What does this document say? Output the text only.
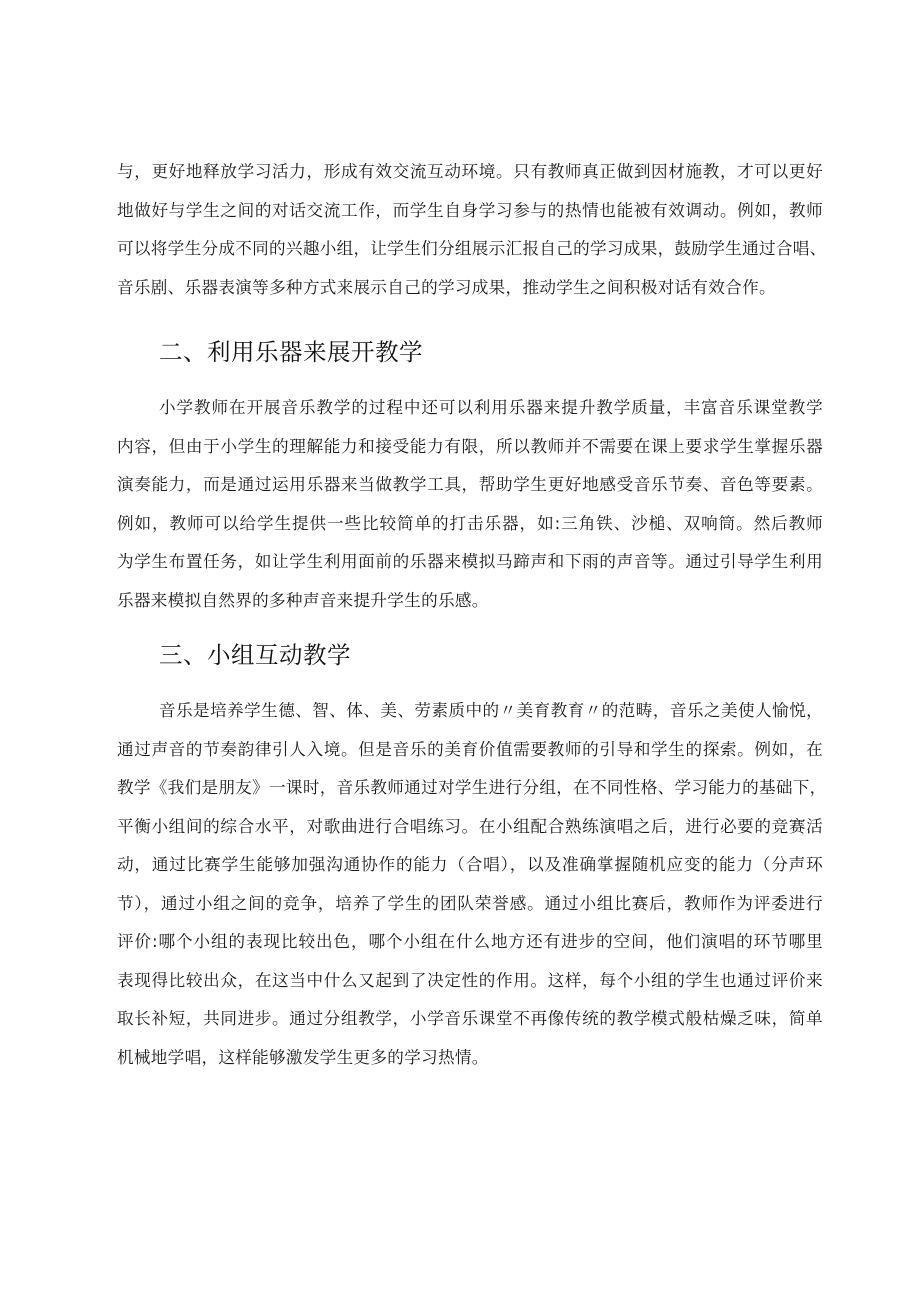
与，更好地释放学习活力，形成有效交流互动环境。只有教师真正做到因材施教，才可以更好
地做好与学生之间的对话交流工作，而学生自身学习参与的热情也能被有效调动。例如，教师
可以将学生分成不同的兴趣小组，让学生们分组展示汇报自己的学习成果，鼓励学生通过合唱、
音乐剧、乐器表演等多种方式来展示自己的学习成果，推动学生之间积极对话有效合作。
二、利用乐器来展开教学
小学教师在开展音乐教学的过程中还可以利用乐器来提升教学质量，丰富音乐课堂教学
内容，但由于小学生的理解能力和接受能力有限，所以教师并不需要在课上要求学生掌握乐器
演奏能力，而是通过运用乐器来当做教学工具，帮助学生更好地感受音乐节奏、音色等要素。
例如，教师可以给学生提供一些比较简单的打击乐器，如:三角铁、沙槌、双响筒。然后教师
为学生布置任务，如让学生利用面前的乐器来模拟马蹄声和下雨的声音等。通过引导学生利用
乐器来模拟自然界的多种声音来提升学生的乐感。
三、小组互动教学
音乐是培养学生德、智、体、美、劳素质中的〃美育教育〃的范畴，音乐之美使人愉悦，
通过声音的节奏韵律引人入境。但是音乐的美育价值需要教师的引导和学生的探索。例如，在
教学《我们是朋友》一课时，音乐教师通过对学生进行分组，在不同性格、学习能力的基础下，
平衡小组间的综合水平，对歌曲进行合唱练习。在小组配合熟练演唱之后，进行必要的竞赛活
动，通过比赛学生能够加强沟通协作的能力（合唱），以及准确掌握随机应变的能力（分声环
节），通过小组之间的竞争，培养了学生的团队荣誉感。通过小组比赛后，教师作为评委进行
评价:哪个小组的表现比较出色，哪个小组在什么地方还有进步的空间，他们演唱的环节哪里
表现得比较出众，在这当中什么又起到了决定性的作用。这样，每个小组的学生也通过评价来
取长补短，共同进步。通过分组教学，小学音乐课堂不再像传统的教学模式般枯燥乏味，简单
机械地学唱，这样能够激发学生更多的学习热情。
